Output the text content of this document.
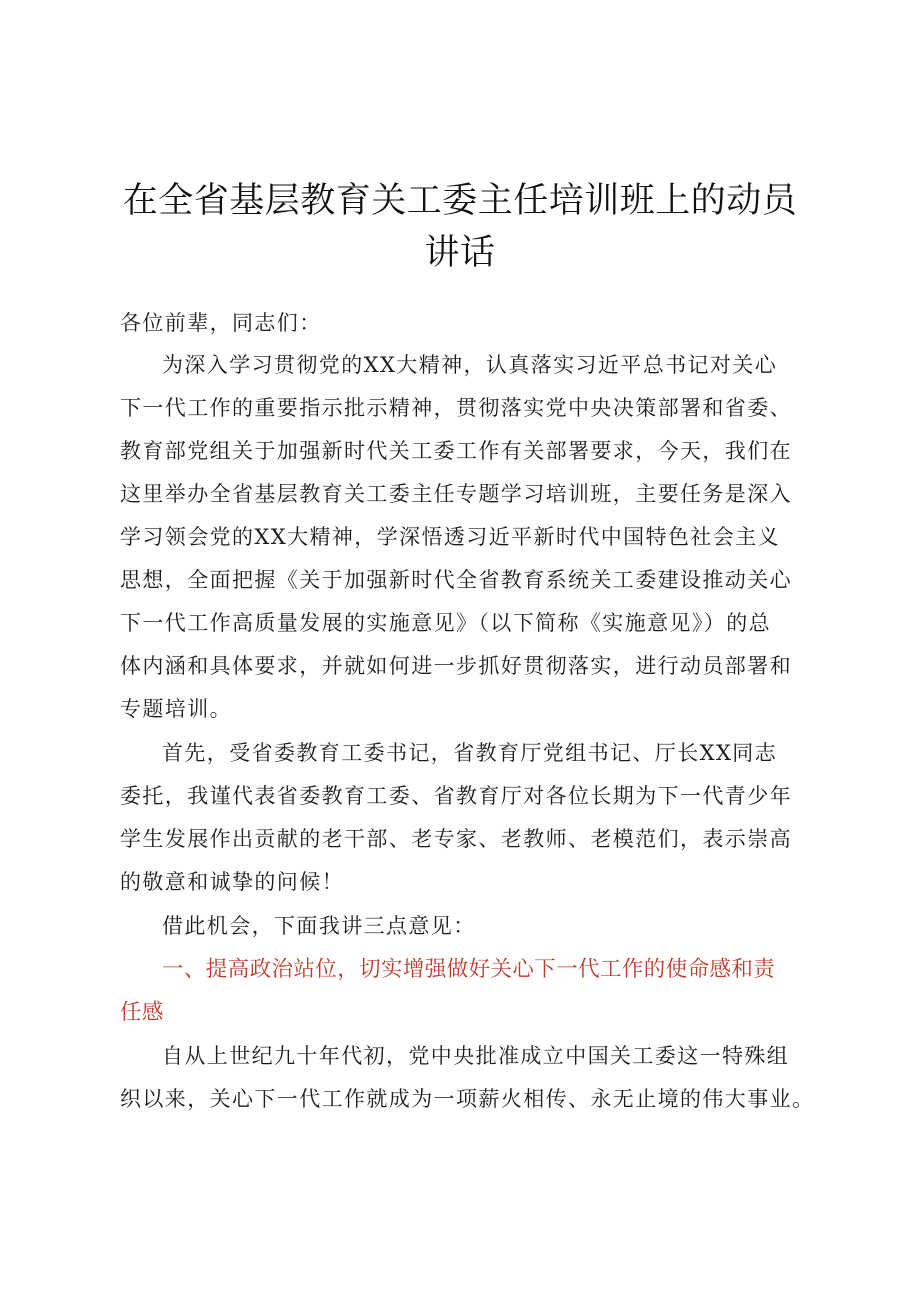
在全省基层教育关工委主任培训班上的动员
讲话
各位前辈，同志们：
为深入学习贯彻党的XX大精神，认真落实习近平总书记对关心
下一代工作的重要指示批示精神，贯彻落实党中央决策部署和省委、
教育部党组关于加强新时代关工委工作有关部署要求，今天，我们在
这里举办全省基层教育关工委主任专题学习培训班，主要任务是深入
学习领会党的XX大精神，学深悟透习近平新时代中国特色社会主义
思想，全面把握《关于加强新时代全省教育系统关工委建设推动关心
下一代工作高质量发展的实施意见》（以下简称《实施意见》）的总
体内涵和具体要求，并就如何进一步抓好贯彻落实，进行动员部署和
专题培训。
首先，受省委教育工委书记，省教育厅党组书记、厅长XX同志
委托，我谨代表省委教育工委、省教育厅对各位长期为下一代青少年
学生发展作出贡献的老干部、老专家、老教师、老模范们，表示崇高
的敬意和诚挚的问候！
借此机会，下面我讲三点意见：
一、提高政治站位，切实增强做好关心下一代工作的使命感和责
任感
自从上世纪九十年代初，党中央批准成立中国关工委这一特殊组
织以来，关心下一代工作就成为一项薪火相传、永无止境的伟大事业。
